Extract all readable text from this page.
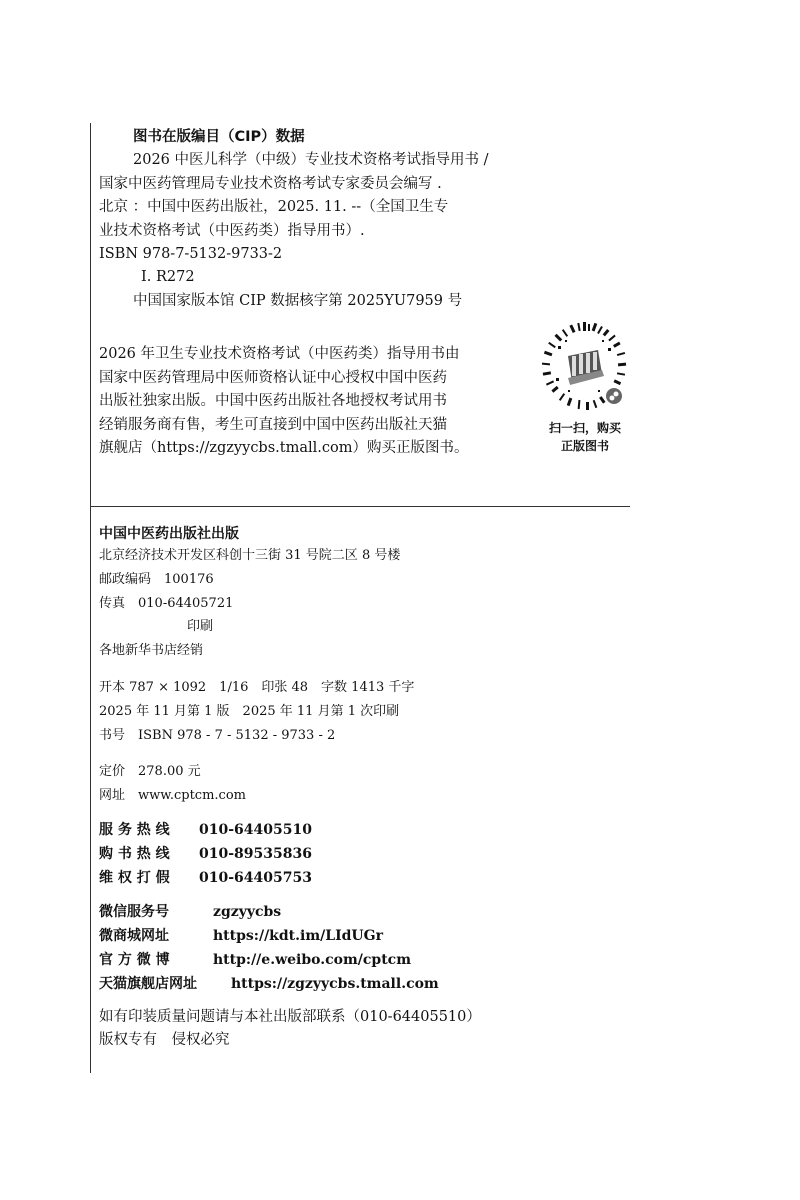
图书在版编目（CIP）数据
2026 中医儿科学（中级）专业技术资格考试指导用书 /
国家中医药管理局专业技术资格考试专家委员会编写 .
北京 ：中国中医药出版社，2025. 11. --（全国卫生专
业技术资格考试（中医药类）指导用书）.
ISBN 978-7-5132-9733-2
Ⅰ. R272
中国国家版本馆 CIP 数据核字第 2025YU7959 号
2026 年卫生专业技术资格考试（中医药类）指导用书由
国家中医药管理局中医师资格认证中心授权中国中医药
出版社独家出版。中国中医药出版社各地授权考试用书
经销服务商有售，考生可直接到中国中医药出版社天猫
旗舰店（https://zgzyycbs.tmall.com）购买正版图书。
扫一扫，购买
正版图书
中国中医药出版社出版
北京经济技术开发区科创十三街 31 号院二区 8 号楼
邮政编码　100176
传真　010-64405721
印刷
各地新华书店经销
开本 787 × 1092　1/16　印张 48　字数 1413 千字
2025 年 11 月第 1 版　2025 年 11 月第 1 次印刷
书号　ISBN 978 - 7 - 5132 - 9733 - 2
定价　278.00 元
网址　www.cptcm.com
服 务 热 线 010-64405510
购 书 热 线 010-89535836
维 权 打 假 010-64405753
微信服务号	zgzyycbs
微商城网址	https://kdt.im/LIdUGr
官 方 微 博	http://e.weibo.com/cptcm
天猫旗舰店网址 https://zgzyycbs.tmall.com
如有印装质量问题请与本社出版部联系（010-64405510）
版权专有　侵权必究
